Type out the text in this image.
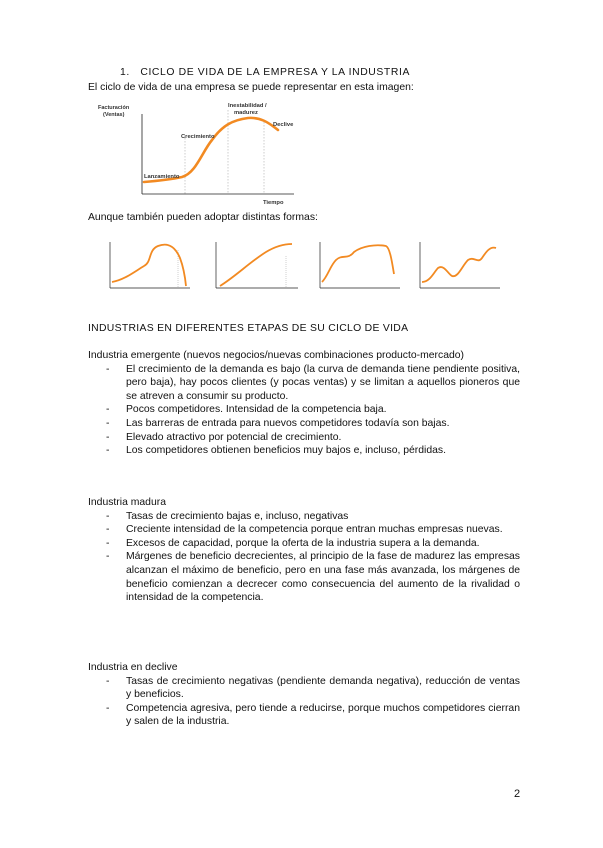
1. CICLO DE VIDA DE LA EMPRESA Y LA INDUSTRIA
El ciclo de vida de una empresa se puede representar en esta imagen:
Facturación
(Ventas)
Lanzamiento
Crecimiento
Inestabilidad /
madurez
Declive
Tiempo
Aunque también pueden adoptar distintas formas:
INDUSTRIAS EN DIFERENTES ETAPAS DE SU CICLO DE VIDA

Industria emergente (nuevos negocios/nuevas combinaciones producto-mercado)

- El crecimiento de la demanda es bajo (la curva de demanda tiene pendiente positiva, pero baja), hay pocos clientes (y pocas ventas) y se limitan a aquellos pioneros que se atreven a consumir su producto.
- Pocos competidores. Intensidad de la competencia baja.
- Las barreras de entrada para nuevos competidores todavía son bajas.
- Elevado atractivo por potencial de crecimiento.
- Los competidores obtienen beneficios muy bajos e, incluso, pérdidas.

Industria madura

- Tasas de crecimiento bajas e, incluso, negativas
- Creciente intensidad de la competencia porque entran muchas empresas nuevas.
- Excesos de capacidad, porque la oferta de la industria supera a la demanda.
- Márgenes de beneficio decrecientes, al principio de la fase de madurez las empresas alcanzan el máximo de beneficio, pero en una fase más avanzada, los márgenes de beneficio comienzan a decrecer como consecuencia del aumento de la rivalidad o intensidad de la competencia.

Industria en declive

- Tasas de crecimiento negativas (pendiente demanda negativa), reducción de ventas y beneficios.
- Competencia agresiva, pero tiende a reducirse, porque muchos competidores cierran y salen de la industria.
2
